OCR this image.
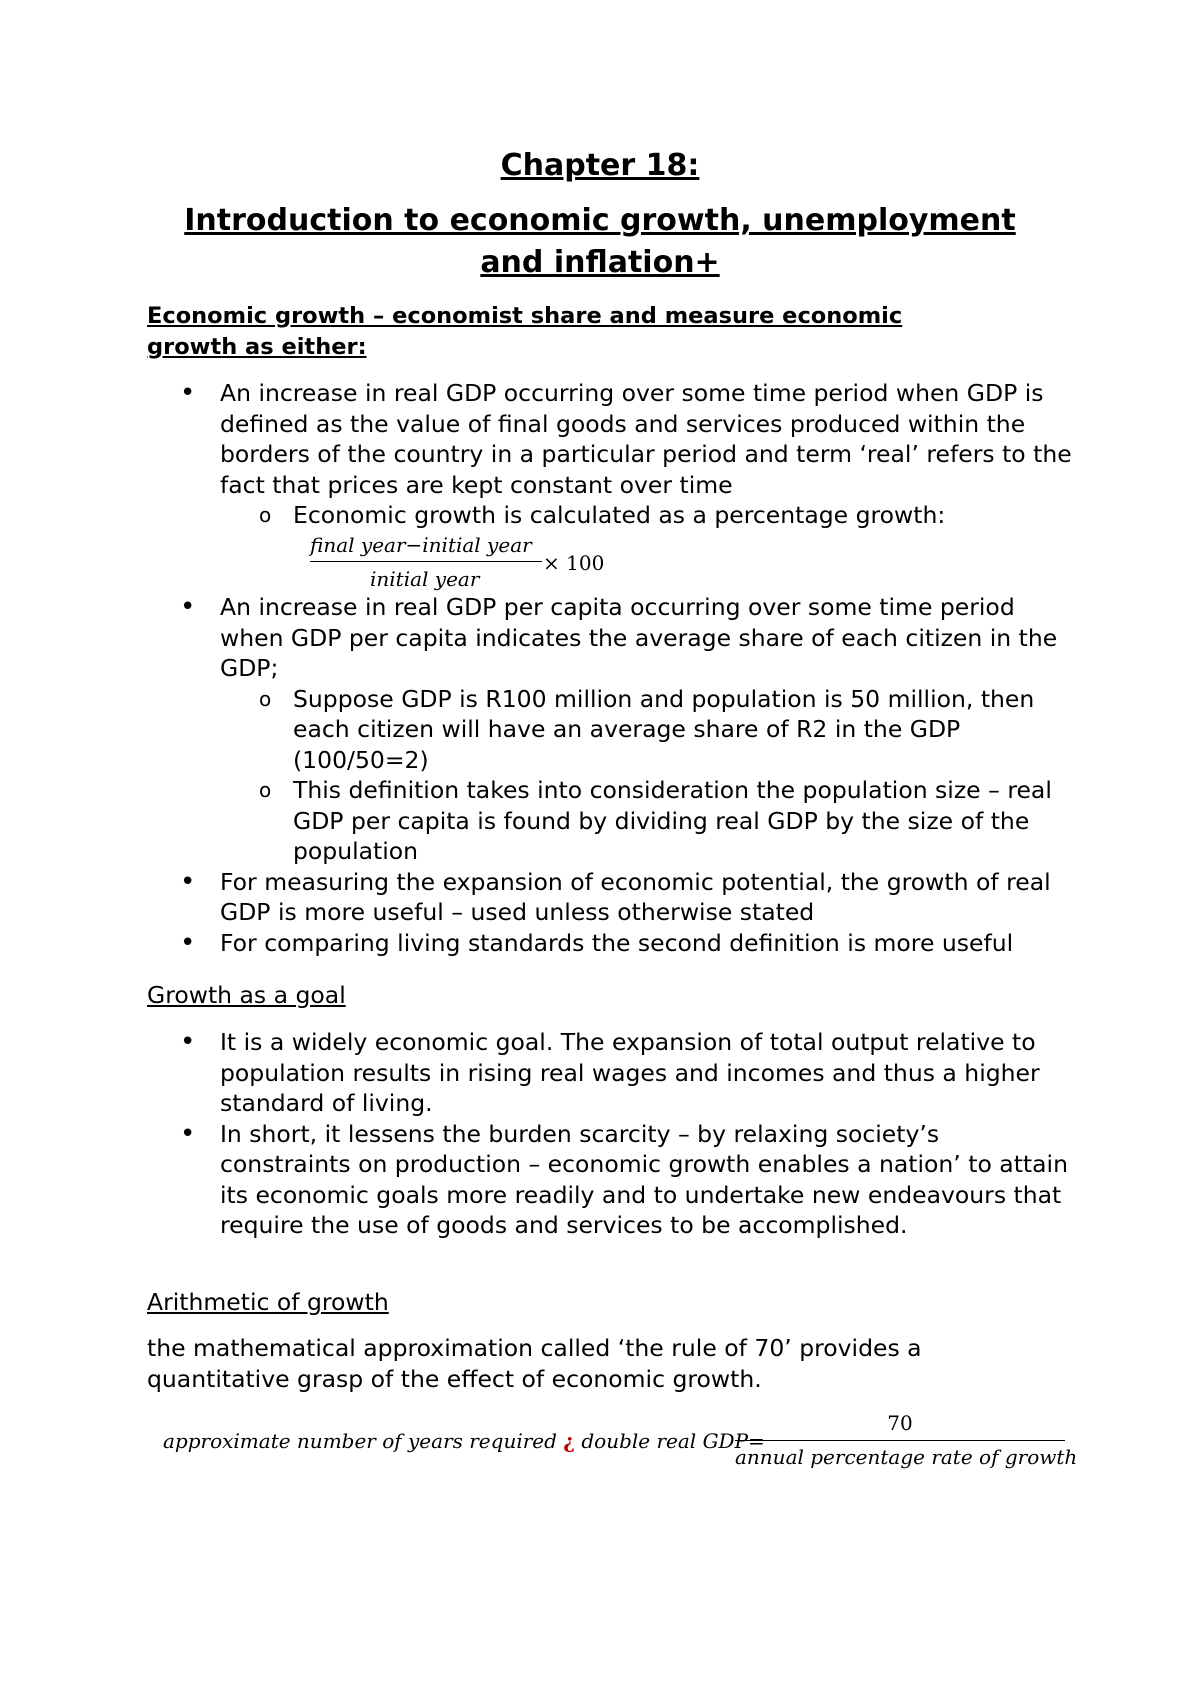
Chapter 18:
Introduction to economic growth, unemployment
and inflation+

Economic growth – economist share and measure economic
growth as either:

• An increase in real GDP occurring over some time period when GDP is defined as the value of final goods and services produced within the borders of the country in a particular period and term ‘real’ refers to the fact that prices are kept constant over time
o Economic growth is calculated as a percentage growth:
final year−initial year
initial year
× 100
• An increase in real GDP per capita occurring over some time period when GDP per capita indicates the average share of each citizen in the GDP;
o Suppose GDP is R100 million and population is 50 million, then each citizen will have an average share of R2 in the GDP (100/50=2)
o This definition takes into consideration the population size – real GDP per capita is found by dividing real GDP by the size of the population
• For measuring the expansion of economic potential, the growth of real GDP is more useful – used unless otherwise stated
• For comparing living standards the second definition is more useful

Growth as a goal

• It is a widely economic goal. The expansion of total output relative to population results in rising real wages and incomes and thus a higher standard of living.
• In short, it lessens the burden scarcity – by relaxing society’s constraints on production – economic growth enables a nation’ to attain its economic goals more readily and to undertake new endeavours that require the use of goods and services to be accomplished.

Arithmetic of growth

the mathematical approximation called ‘the rule of 70’ provides a quantitative grasp of the effect of economic growth.

approximate number of years required ¿ double real GDP=
70
annual percentage rate of growth
